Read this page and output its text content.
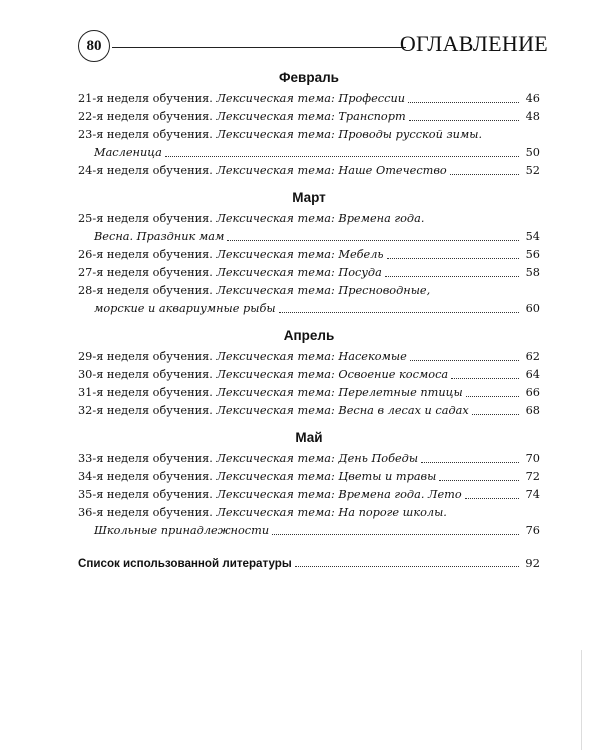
80	ОГЛАВЛЕНИЕ
Февраль
21-я неделя обучения. Лексическая тема: Профессии	46
22-я неделя обучения. Лексическая тема: Транспорт	48
23-я неделя обучения. Лексическая тема: Проводы русской зимы.
Масленица	50
24-я неделя обучения. Лексическая тема: Наше Отечество	52
Март
25-я неделя обучения. Лексическая тема: Времена года.
Весна. Праздник мам	54
26-я неделя обучения. Лексическая тема: Мебель	56
27-я неделя обучения. Лексическая тема: Посуда	58
28-я неделя обучения. Лексическая тема: Пресноводные,
морские и аквариумные рыбы	60
Апрель
29-я неделя обучения. Лексическая тема: Насекомые	62
30-я неделя обучения. Лексическая тема: Освоение космоса	64
31-я неделя обучения. Лексическая тема: Перелетные птицы	66
32-я неделя обучения. Лексическая тема: Весна в лесах и садах	68
Май
33-я неделя обучения. Лексическая тема: День Победы	70
34-я неделя обучения. Лексическая тема: Цветы и травы	72
35-я неделя обучения. Лексическая тема: Времена года. Лето	74
36-я неделя обучения. Лексическая тема: На пороге школы.
Школьные принадлежности	76
Список использованной литературы	92
